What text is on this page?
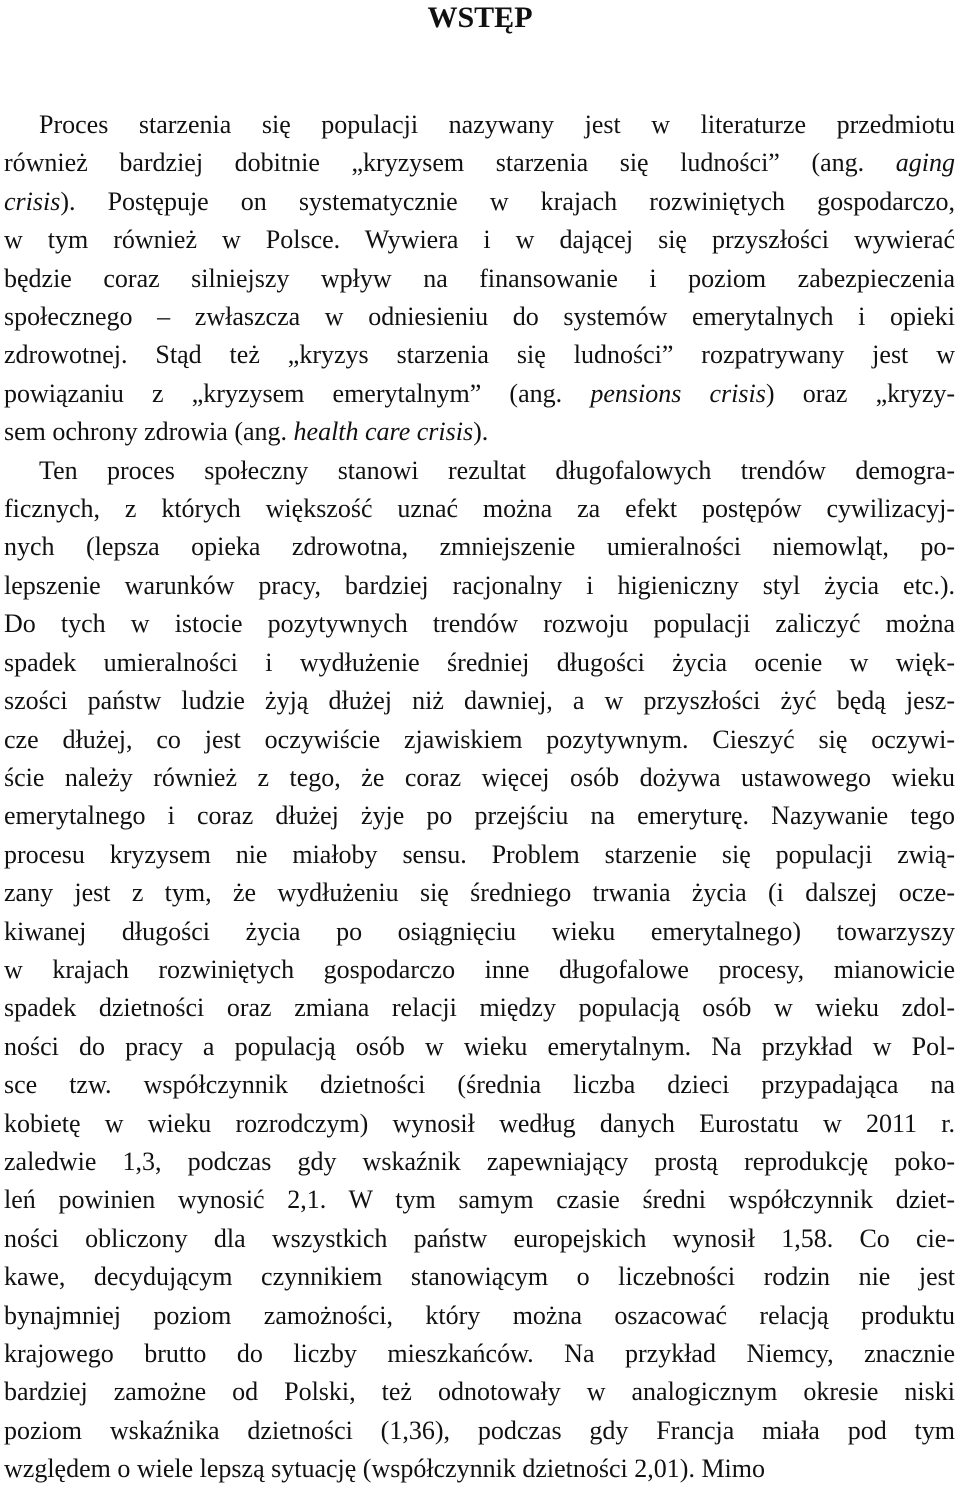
WSTĘP
Proces starzenia się populacji nazywany jest w literaturze przedmiotu
również bardziej dobitnie „kryzysem starzenia się ludności” (ang. aging
crisis). Postępuje on systematycznie w krajach rozwiniętych gospodarczo,
w tym również w Polsce. Wywiera i w dającej się przyszłości wywierać
będzie coraz silniejszy wpływ na finansowanie i poziom zabezpieczenia
społecznego – zwłaszcza w odniesieniu do systemów emerytalnych i opieki
zdrowotnej. Stąd też „kryzys starzenia się ludności” rozpatrywany jest w
powiązaniu z „kryzysem emerytalnym” (ang. pensions crisis) oraz „kryzy-
sem ochrony zdrowia (ang. health care crisis).
Ten proces społeczny stanowi rezultat długofalowych trendów demogra-
ficznych, z których większość uznać można za efekt postępów cywilizacyj-
nych (lepsza opieka zdrowotna, zmniejszenie umieralności niemowląt, po-
lepszenie warunków pracy, bardziej racjonalny i higieniczny styl życia etc.).
Do tych w istocie pozytywnych trendów rozwoju populacji zaliczyć można
spadek umieralności i wydłużenie średniej długości życia ocenie w więk-
szości państw ludzie żyją dłużej niż dawniej, a w przyszłości żyć będą jesz-
cze dłużej, co jest oczywiście zjawiskiem pozytywnym. Cieszyć się oczywi-
ście należy również z tego, że coraz więcej osób dożywa ustawowego wieku
emerytalnego i coraz dłużej żyje po przejściu na emeryturę. Nazywanie tego
procesu kryzysem nie miałoby sensu. Problem starzenie się populacji zwią-
zany jest z tym, że wydłużeniu się średniego trwania życia (i dalszej ocze-
kiwanej długości życia po osiągnięciu wieku emerytalnego) towarzyszy
w krajach rozwiniętych gospodarczo inne długofalowe procesy, mianowicie
spadek dzietności oraz zmiana relacji między populacją osób w wieku zdol-
ności do pracy a populacją osób w wieku emerytalnym. Na przykład w Pol-
sce tzw. współczynnik dzietności (średnia liczba dzieci przypadająca na
kobietę w wieku rozrodczym) wynosił według danych Eurostatu w 2011 r.
zaledwie 1,3, podczas gdy wskaźnik zapewniający prostą reprodukcję poko-
leń powinien wynosić 2,1. W tym samym czasie średni współczynnik dziet-
ności obliczony dla wszystkich państw europejskich wynosił 1,58. Co cie-
kawe, decydującym czynnikiem stanowiącym o liczebności rodzin nie jest
bynajmniej poziom zamożności, który można oszacować relacją produktu
krajowego brutto do liczby mieszkańców. Na przykład Niemcy, znacznie
bardziej zamożne od Polski, też odnotowały w analogicznym okresie niski
poziom wskaźnika dzietności (1,36), podczas gdy Francja miała pod tym
względem o wiele lepszą sytuację (współczynnik dzietności 2,01). Mimo
